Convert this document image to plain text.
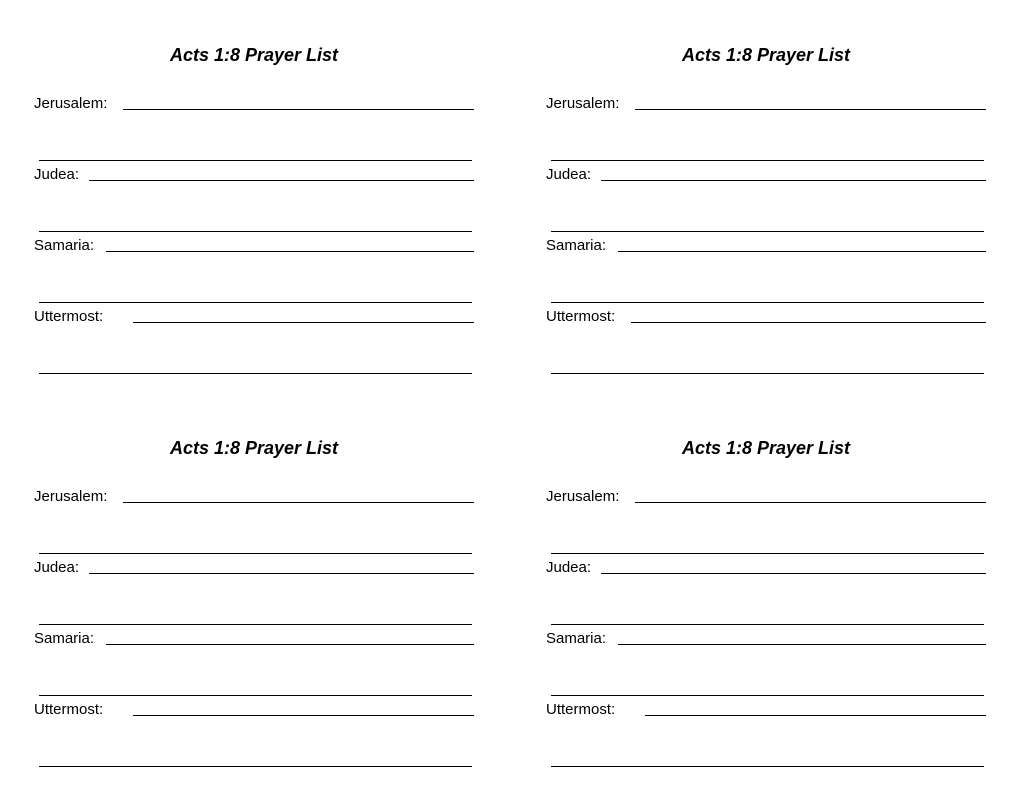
Acts 1:8 Prayer List
Jerusalem:
Judea:
Samaria:
Uttermost:
Acts 1:8 Prayer List
Jerusalem:
Judea:
Samaria:
Uttermost:
Acts 1:8 Prayer List
Jerusalem:
Judea:
Samaria:
Uttermost:
Acts 1:8 Prayer List
Jerusalem:
Judea:
Samaria:
Uttermost:
